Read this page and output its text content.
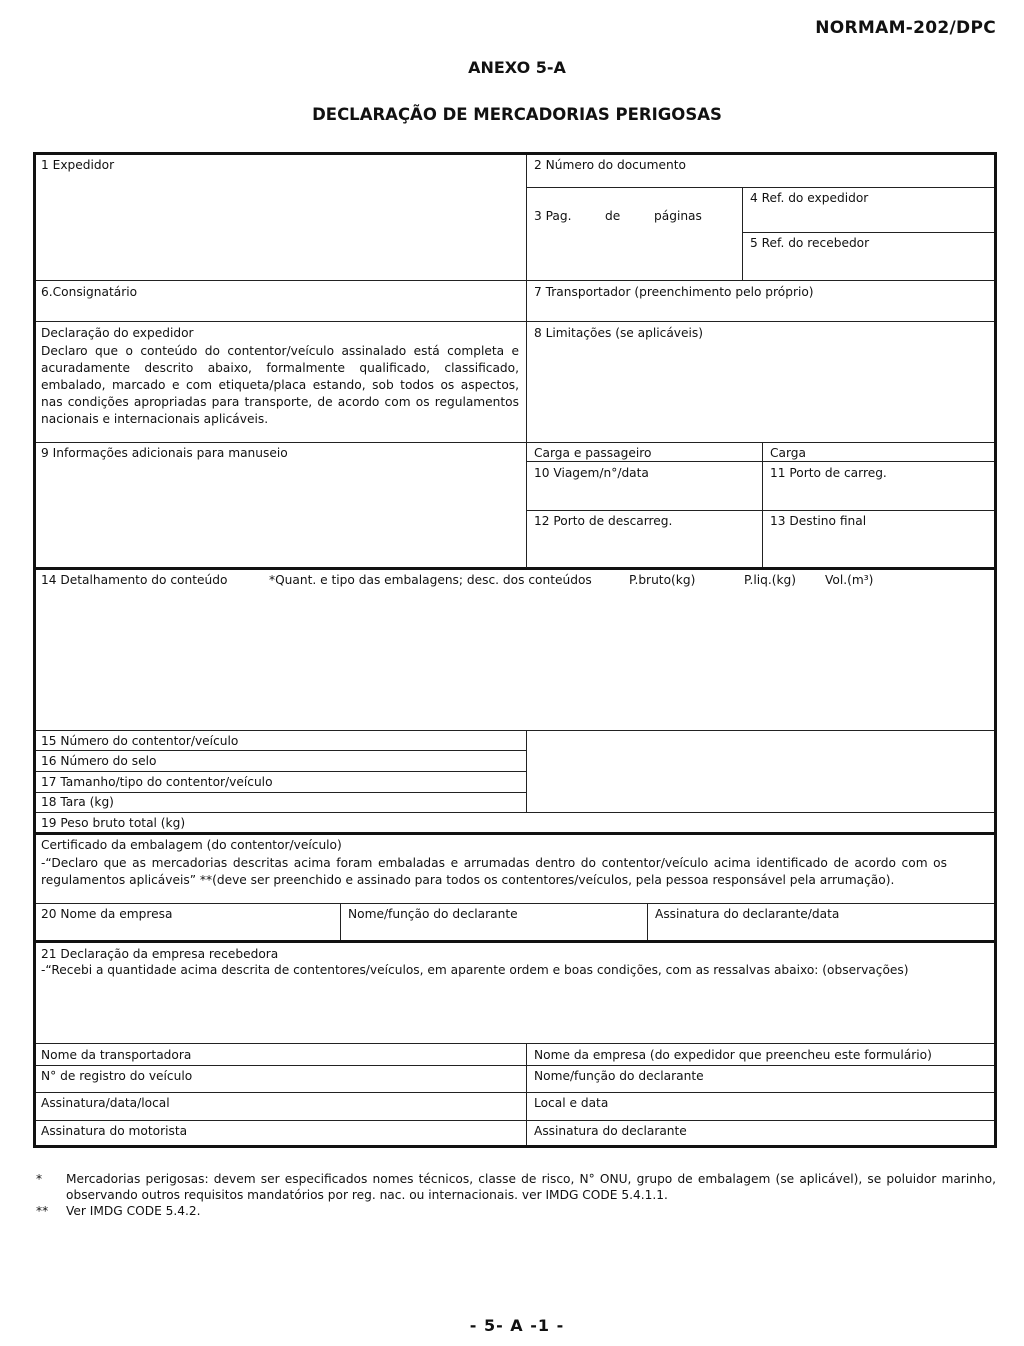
NORMAM-202/DPC
ANEXO 5-A
DECLARAÇÃO DE MERCADORIAS PERIGOSAS
1 Expedidor	2 Número do documento
3 Pag.	de	páginas
4 Ref. do expedidor
5 Ref. do recebedor
6.Consignatário	7 Transportador (preenchimento pelo próprio)
Declaração do expedidor
Declaro que o conteúdo do contentor/veículo assinalado está completa e acuradamente descrito abaixo, formalmente qualificado, classificado, embalado, marcado e com etiqueta/placa estando, sob todos os aspectos, nas condições apropriadas para transporte, de acordo com os regulamentos nacionais e internacionais aplicáveis.
8 Limitações (se aplicáveis)
9 Informações adicionais para manuseio	Carga e passageiro	Carga
10 Viagem/n°/data	11 Porto de carreg.
12 Porto de descarreg.	13 Destino final
14 Detalhamento do conteúdo	*Quant. e tipo das embalagens; desc. dos conteúdos	P.bruto(kg)	P.liq.(kg) Vol.(m³)
15 Número do contentor/veículo
16 Número do selo
17 Tamanho/tipo do contentor/veículo
18 Tara (kg)
19 Peso bruto total (kg)
Certificado da embalagem (do contentor/veículo)
-“Declaro que as mercadorias descritas acima foram embaladas e arrumadas dentro do contentor/veículo acima identificado de acordo com os regulamentos aplicáveis” **(deve ser preenchido e assinado para todos os contentores/veículos, pela pessoa responsável pela arrumação).
20 Nome da empresa	Nome/função do declarante	Assinatura do declarante/data
21 Declaração da empresa recebedora
-“Recebi a quantidade acima descrita de contentores/veículos, em aparente ordem e boas condições, com as ressalvas abaixo: (observações)
Nome da transportadora	Nome da empresa (do expedidor que preencheu este formulário)
N° de registro do veículo	Nome/função do declarante
Assinatura/data/local	Local e data
Assinatura do motorista	Assinatura do declarante
* Mercadorias perigosas: devem ser especificados nomes técnicos, classe de risco, N° ONU, grupo de embalagem (se aplicável), se poluidor marinho, observando outros requisitos mandatórios por reg. nac. ou internacionais. ver IMDG CODE 5.4.1.1.
** Ver IMDG CODE 5.4.2.
- 5- A -1 -
